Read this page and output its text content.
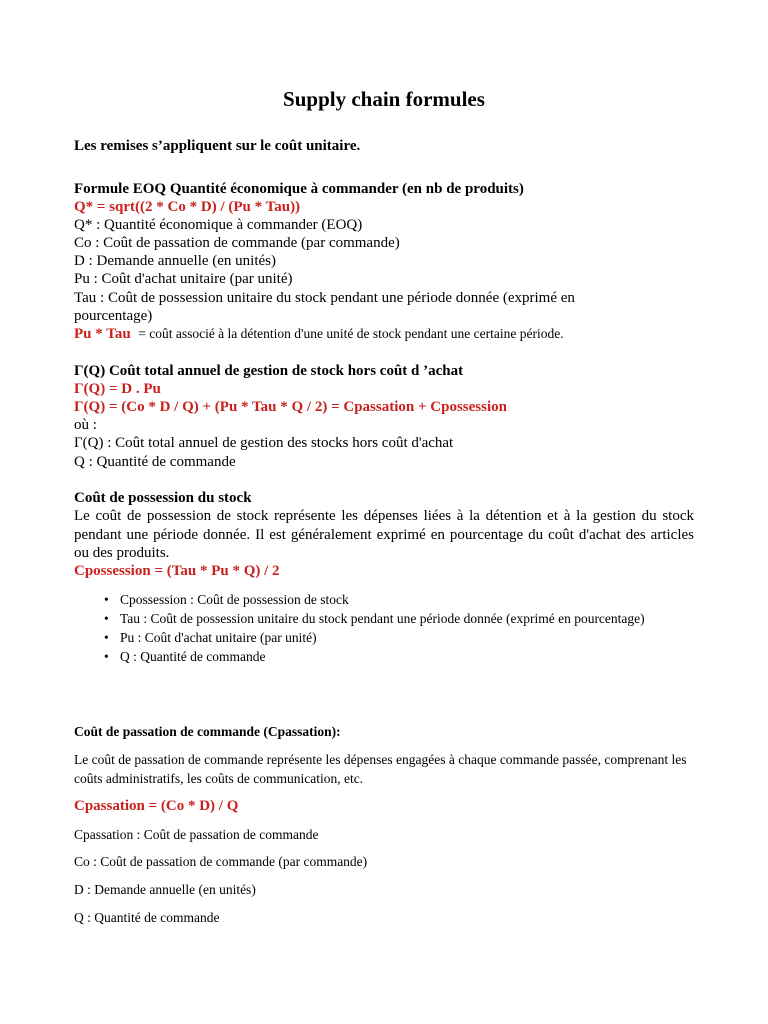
Supply chain formules
Les remises s’appliquent sur le coût unitaire.
Formule EOQ Quantité économique à commander (en nb de produits)
Q* = sqrt((2 * Co * D) / (Pu * Tau))
Q* : Quantité économique à commander (EOQ)
Co : Coût de passation de commande (par commande)
D : Demande annuelle (en unités)
Pu : Coût d'achat unitaire (par unité)
Tau : Coût de possession unitaire du stock pendant une période donnée (exprimé en
pourcentage)
Pu * Tau = coût associé à la détention d'une unité de stock pendant une certaine période.
Γ(Q) Coût total annuel de gestion de stock hors coût d ’achat
Γ(Q) = D . Pu
Γ(Q) = (Co * D / Q) + (Pu * Tau * Q / 2) = Cpassation + Cpossession
où :
Γ(Q) : Coût total annuel de gestion des stocks hors coût d'achat
Q : Quantité de commande
Coût de possession du stock
Le coût de possession de stock représente les dépenses liées à la détention et à la gestion du stock pendant une période donnée. Il est généralement exprimé en pourcentage du coût d'achat des articles ou des produits.
Cpossession = (Tau * Pu * Q) / 2
• Cpossession : Coût de possession de stock
• Tau : Coût de possession unitaire du stock pendant une période donnée (exprimé en pourcentage)
• Pu : Coût d'achat unitaire (par unité)
• Q : Quantité de commande
Coût de passation de commande (Cpassation):
Le coût de passation de commande représente les dépenses engagées à chaque commande passée, comprenant les coûts administratifs, les coûts de communication, etc.
Cpassation = (Co * D) / Q
Cpassation : Coût de passation de commande
Co : Coût de passation de commande (par commande)
D : Demande annuelle (en unités)
Q : Quantité de commande
